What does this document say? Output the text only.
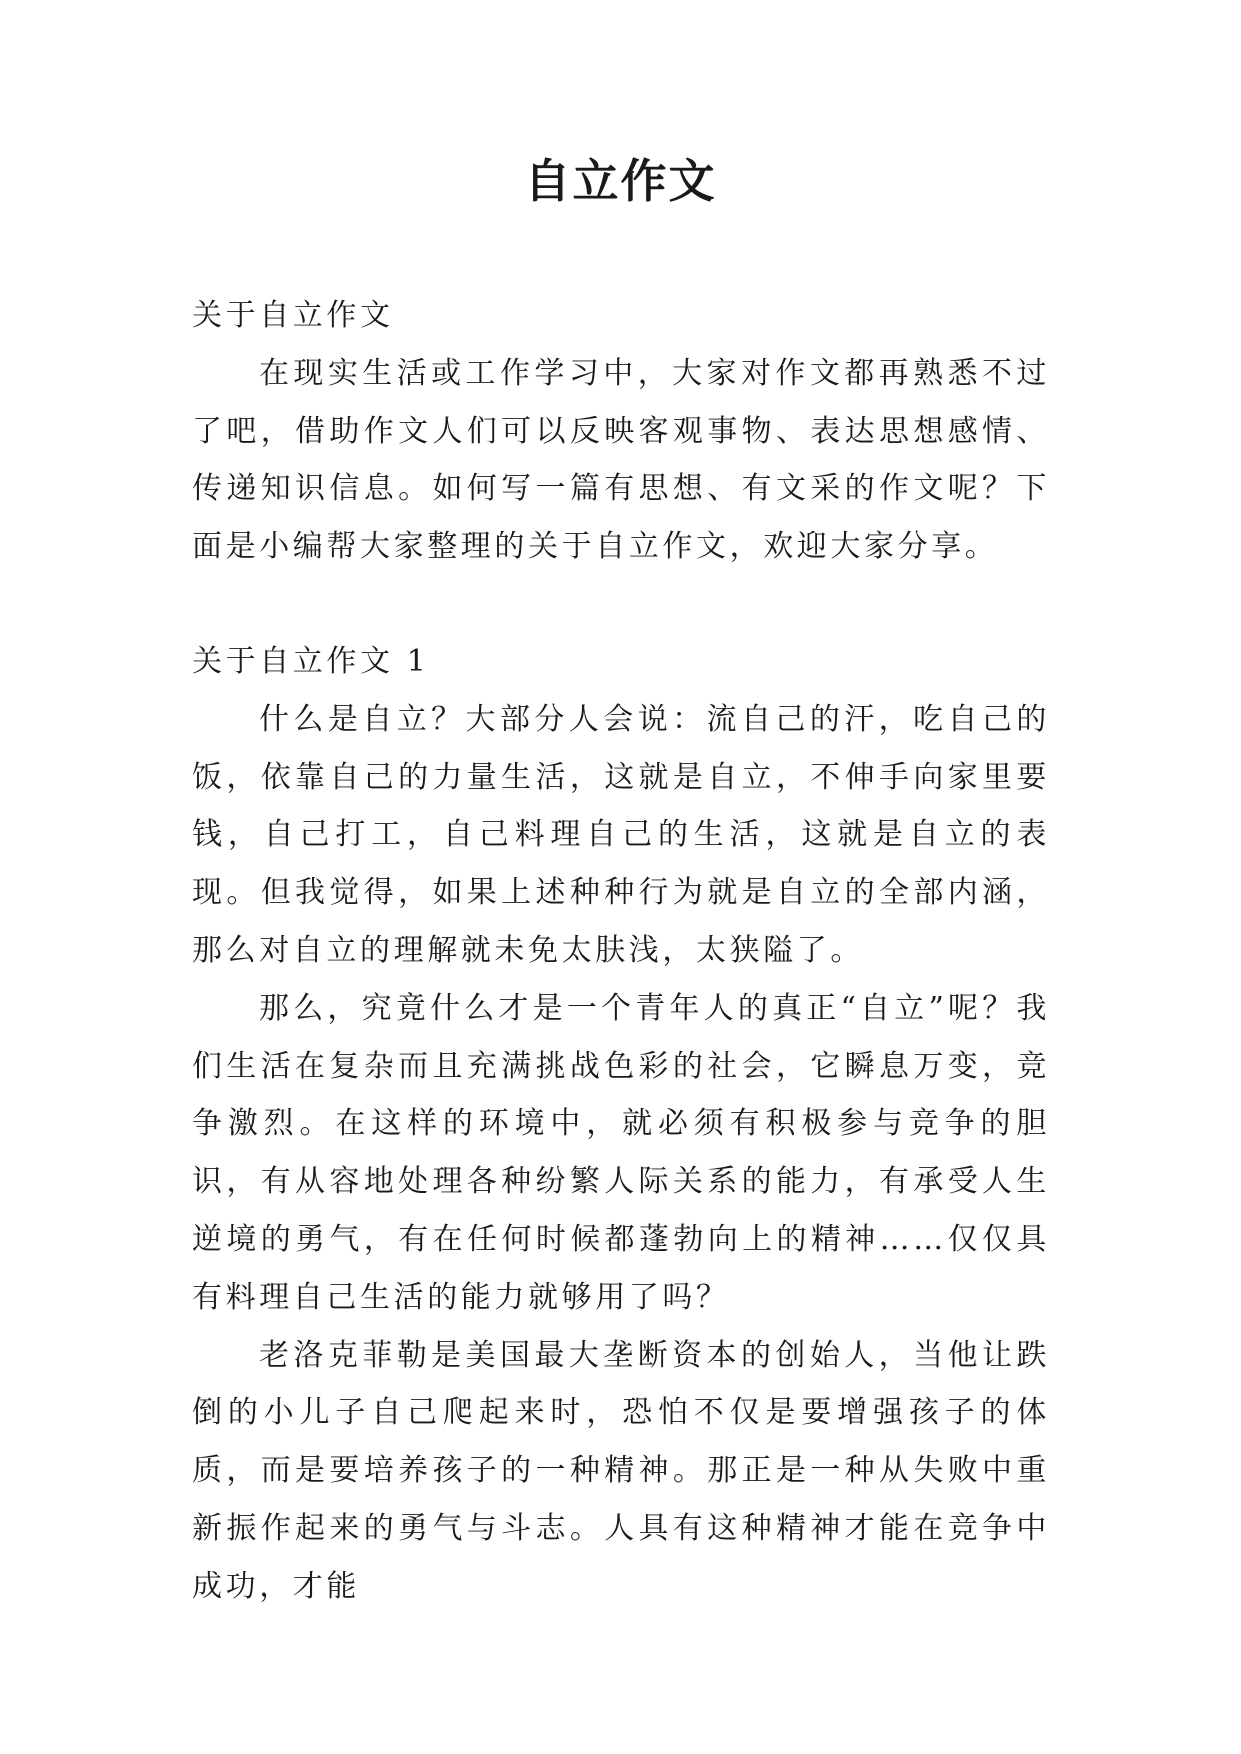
自立作文

关于自立作文

在现实生活或工作学习中，大家对作文都再熟悉不过了吧，借助作文人们可以反映客观事物、表达思想感情、传递知识信息。如何写一篇有思想、有文采的作文呢？下面是小编帮大家整理的关于自立作文，欢迎大家分享。

关于自立作文 1

什么是自立？大部分人会说：流自己的汗，吃自己的饭，依靠自己的力量生活，这就是自立，不伸手向家里要钱，自己打工，自己料理自己的生活，这就是自立的表现。但我觉得，如果上述种种行为就是自立的全部内涵，那么对自立的理解就未免太肤浅，太狭隘了。

那么，究竟什么才是一个青年人的真正“自立”呢？我们生活在复杂而且充满挑战色彩的社会，它瞬息万变，竞争激烈。在这样的环境中，就必须有积极参与竞争的胆识，有从容地处理各种纷繁人际关系的能力，有承受人生逆境的勇气，有在任何时候都蓬勃向上的精神……仅仅具有料理自己生活的能力就够用了吗？

老洛克菲勒是美国最大垄断资本的创始人，当他让跌倒的小儿子自己爬起来时，恐怕不仅是要增强孩子的体质，而是要培养孩子的一种精神。那正是一种从失败中重新振作起来的勇气与斗志。人具有这种精神才能在竞争中成功，才能
